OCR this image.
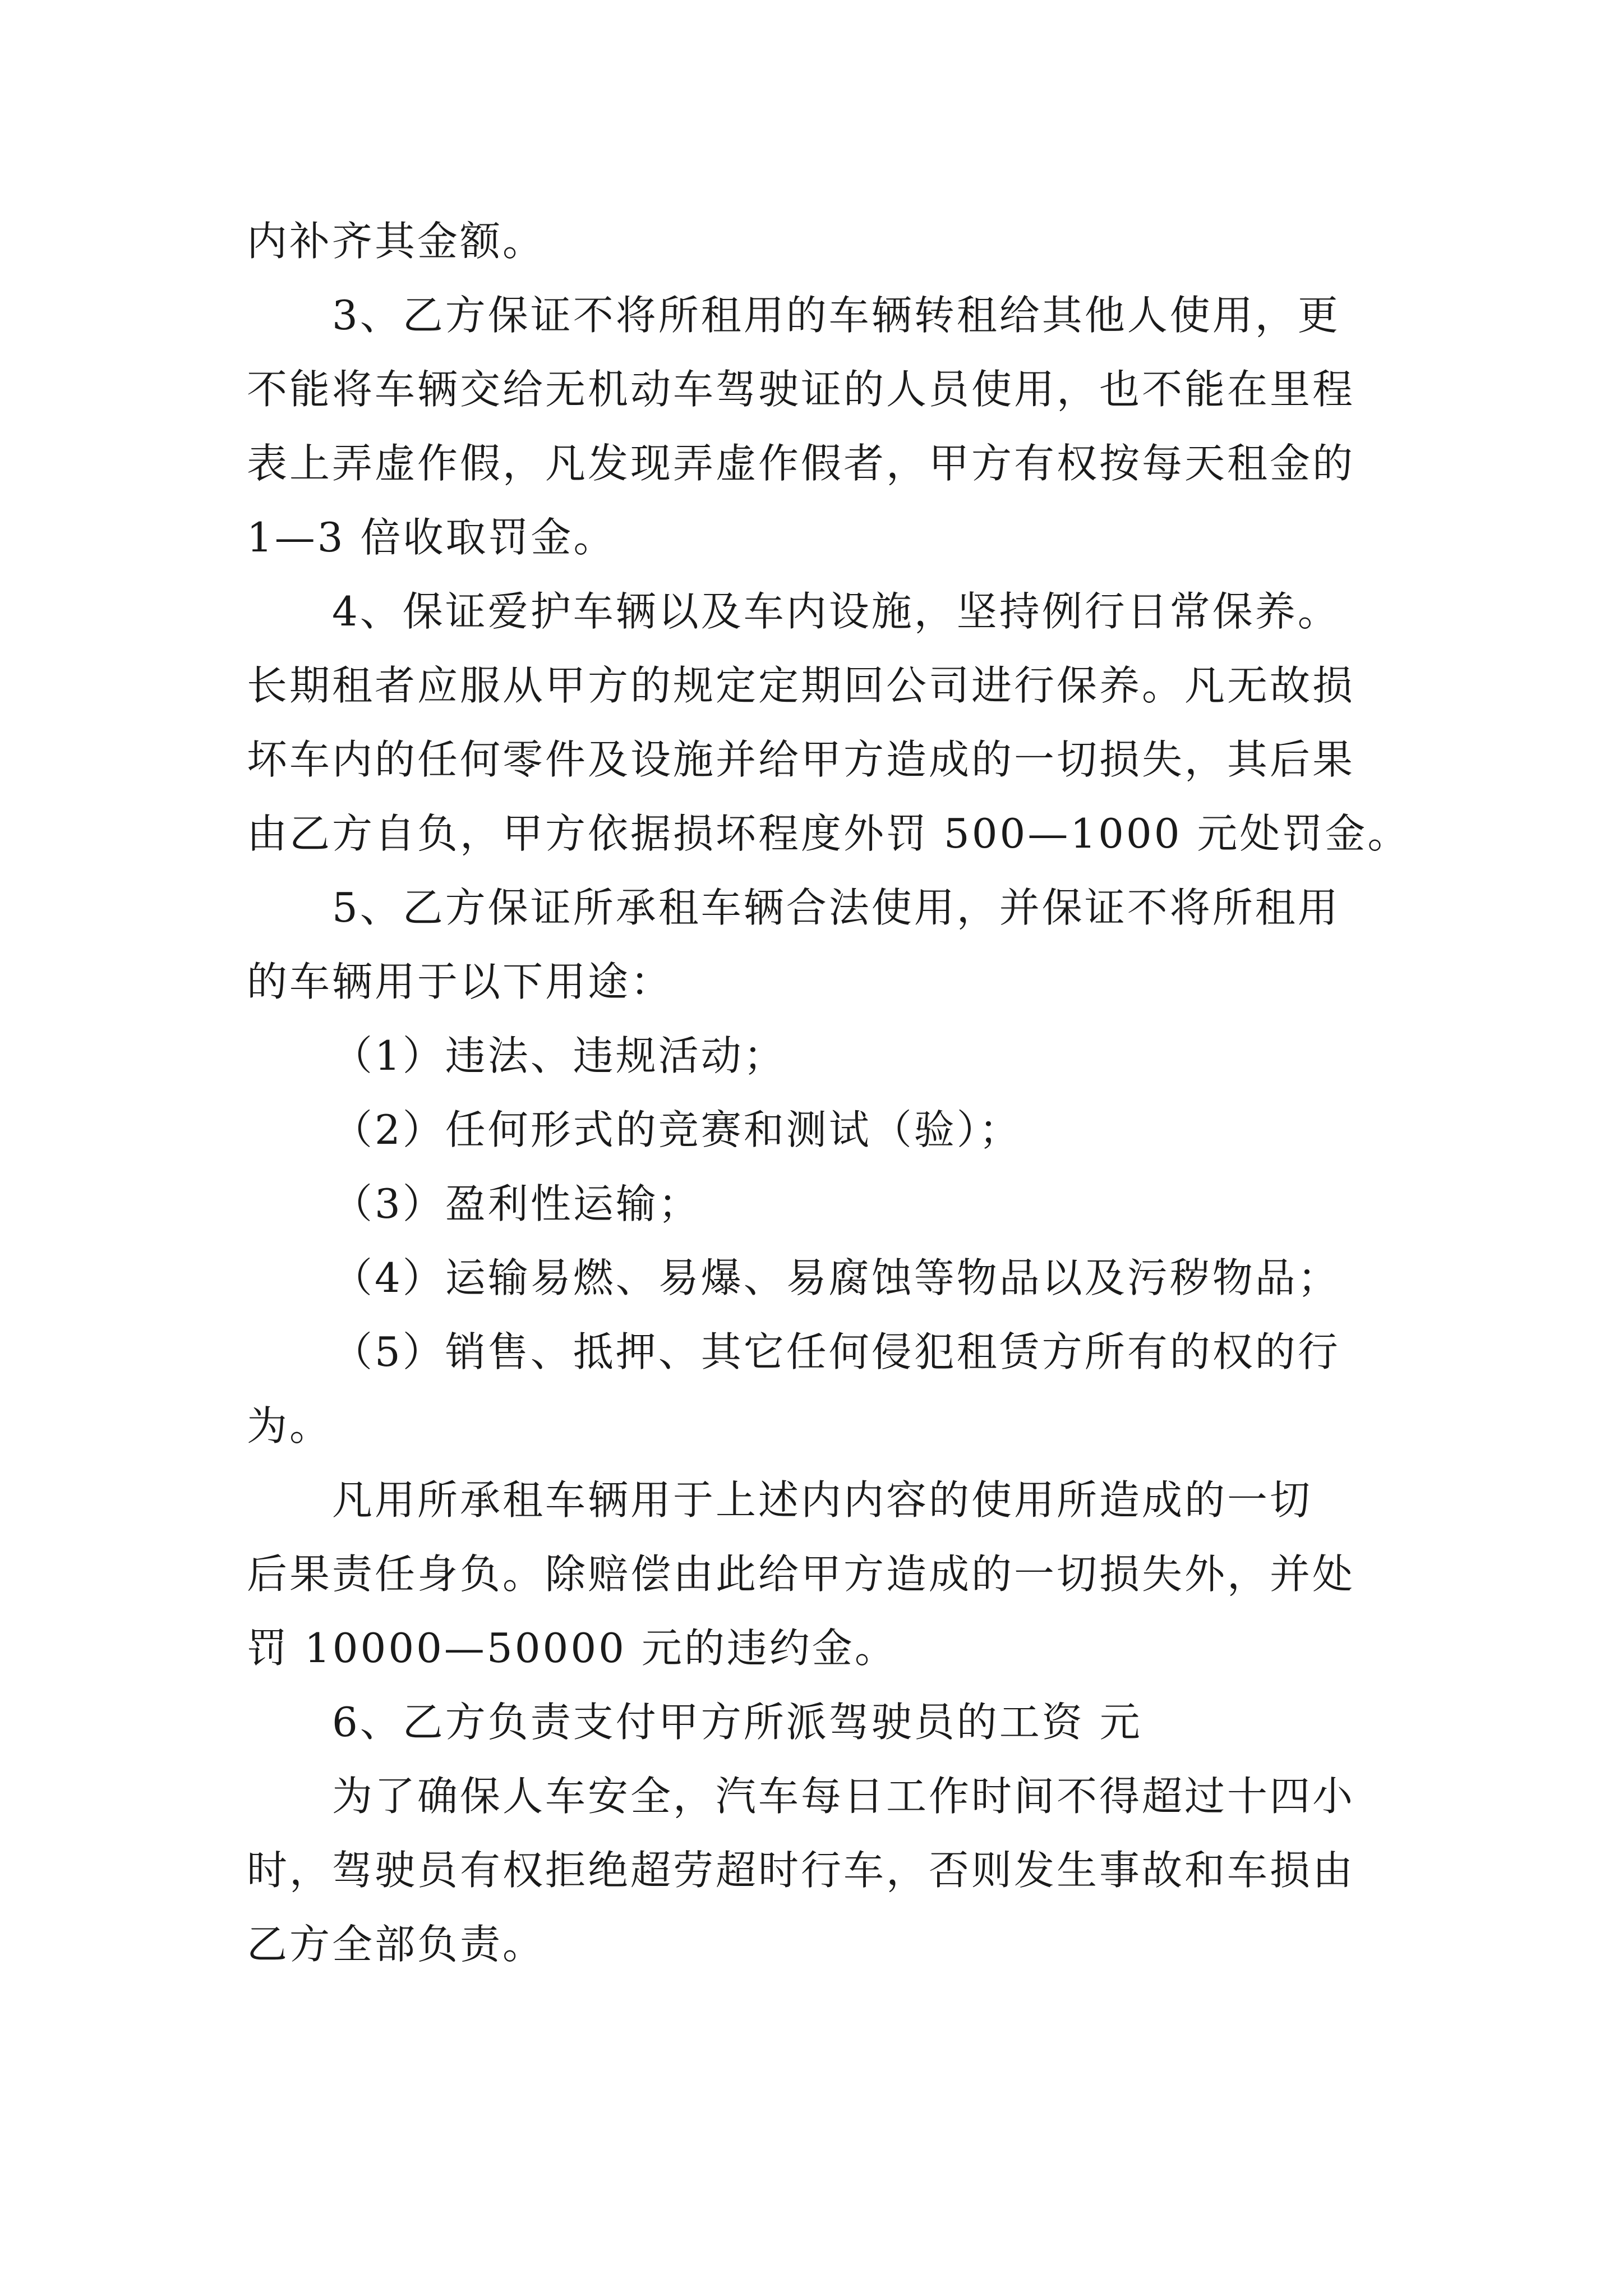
内补齐其金额。

3、乙方保证不将所租用的车辆转租给其他人使用，更

不能将车辆交给无机动车驾驶证的人员使用，也不能在里程

表上弄虚作假，凡发现弄虚作假者，甲方有权按每天租金的

1—3 倍收取罚金。

4、保证爱护车辆以及车内设施，坚持例行日常保养。

长期租者应服从甲方的规定定期回公司进行保养。凡无故损

坏车内的任何零件及设施并给甲方造成的一切损失，其后果

由乙方自负，甲方依据损坏程度外罚 500—1000 元处罚金。

5、乙方保证所承租车辆合法使用，并保证不将所租用

的车辆用于以下用途：

（1）违法、违规活动；

（2）任何形式的竞赛和测试（验）；

（3）盈利性运输；

（4）运输易燃、易爆、易腐蚀等物品以及污秽物品；

（5）销售、抵押、其它任何侵犯租赁方所有的权的行

为。

凡用所承租车辆用于上述内内容的使用所造成的一切

后果责任身负。除赔偿由此给甲方造成的一切损失外，并处

罚 10000—50000 元的违约金。

6、乙方负责支付甲方所派驾驶员的工资 元

为了确保人车安全，汽车每日工作时间不得超过十四小

时，驾驶员有权拒绝超劳超时行车，否则发生事故和车损由

乙方全部负责。
